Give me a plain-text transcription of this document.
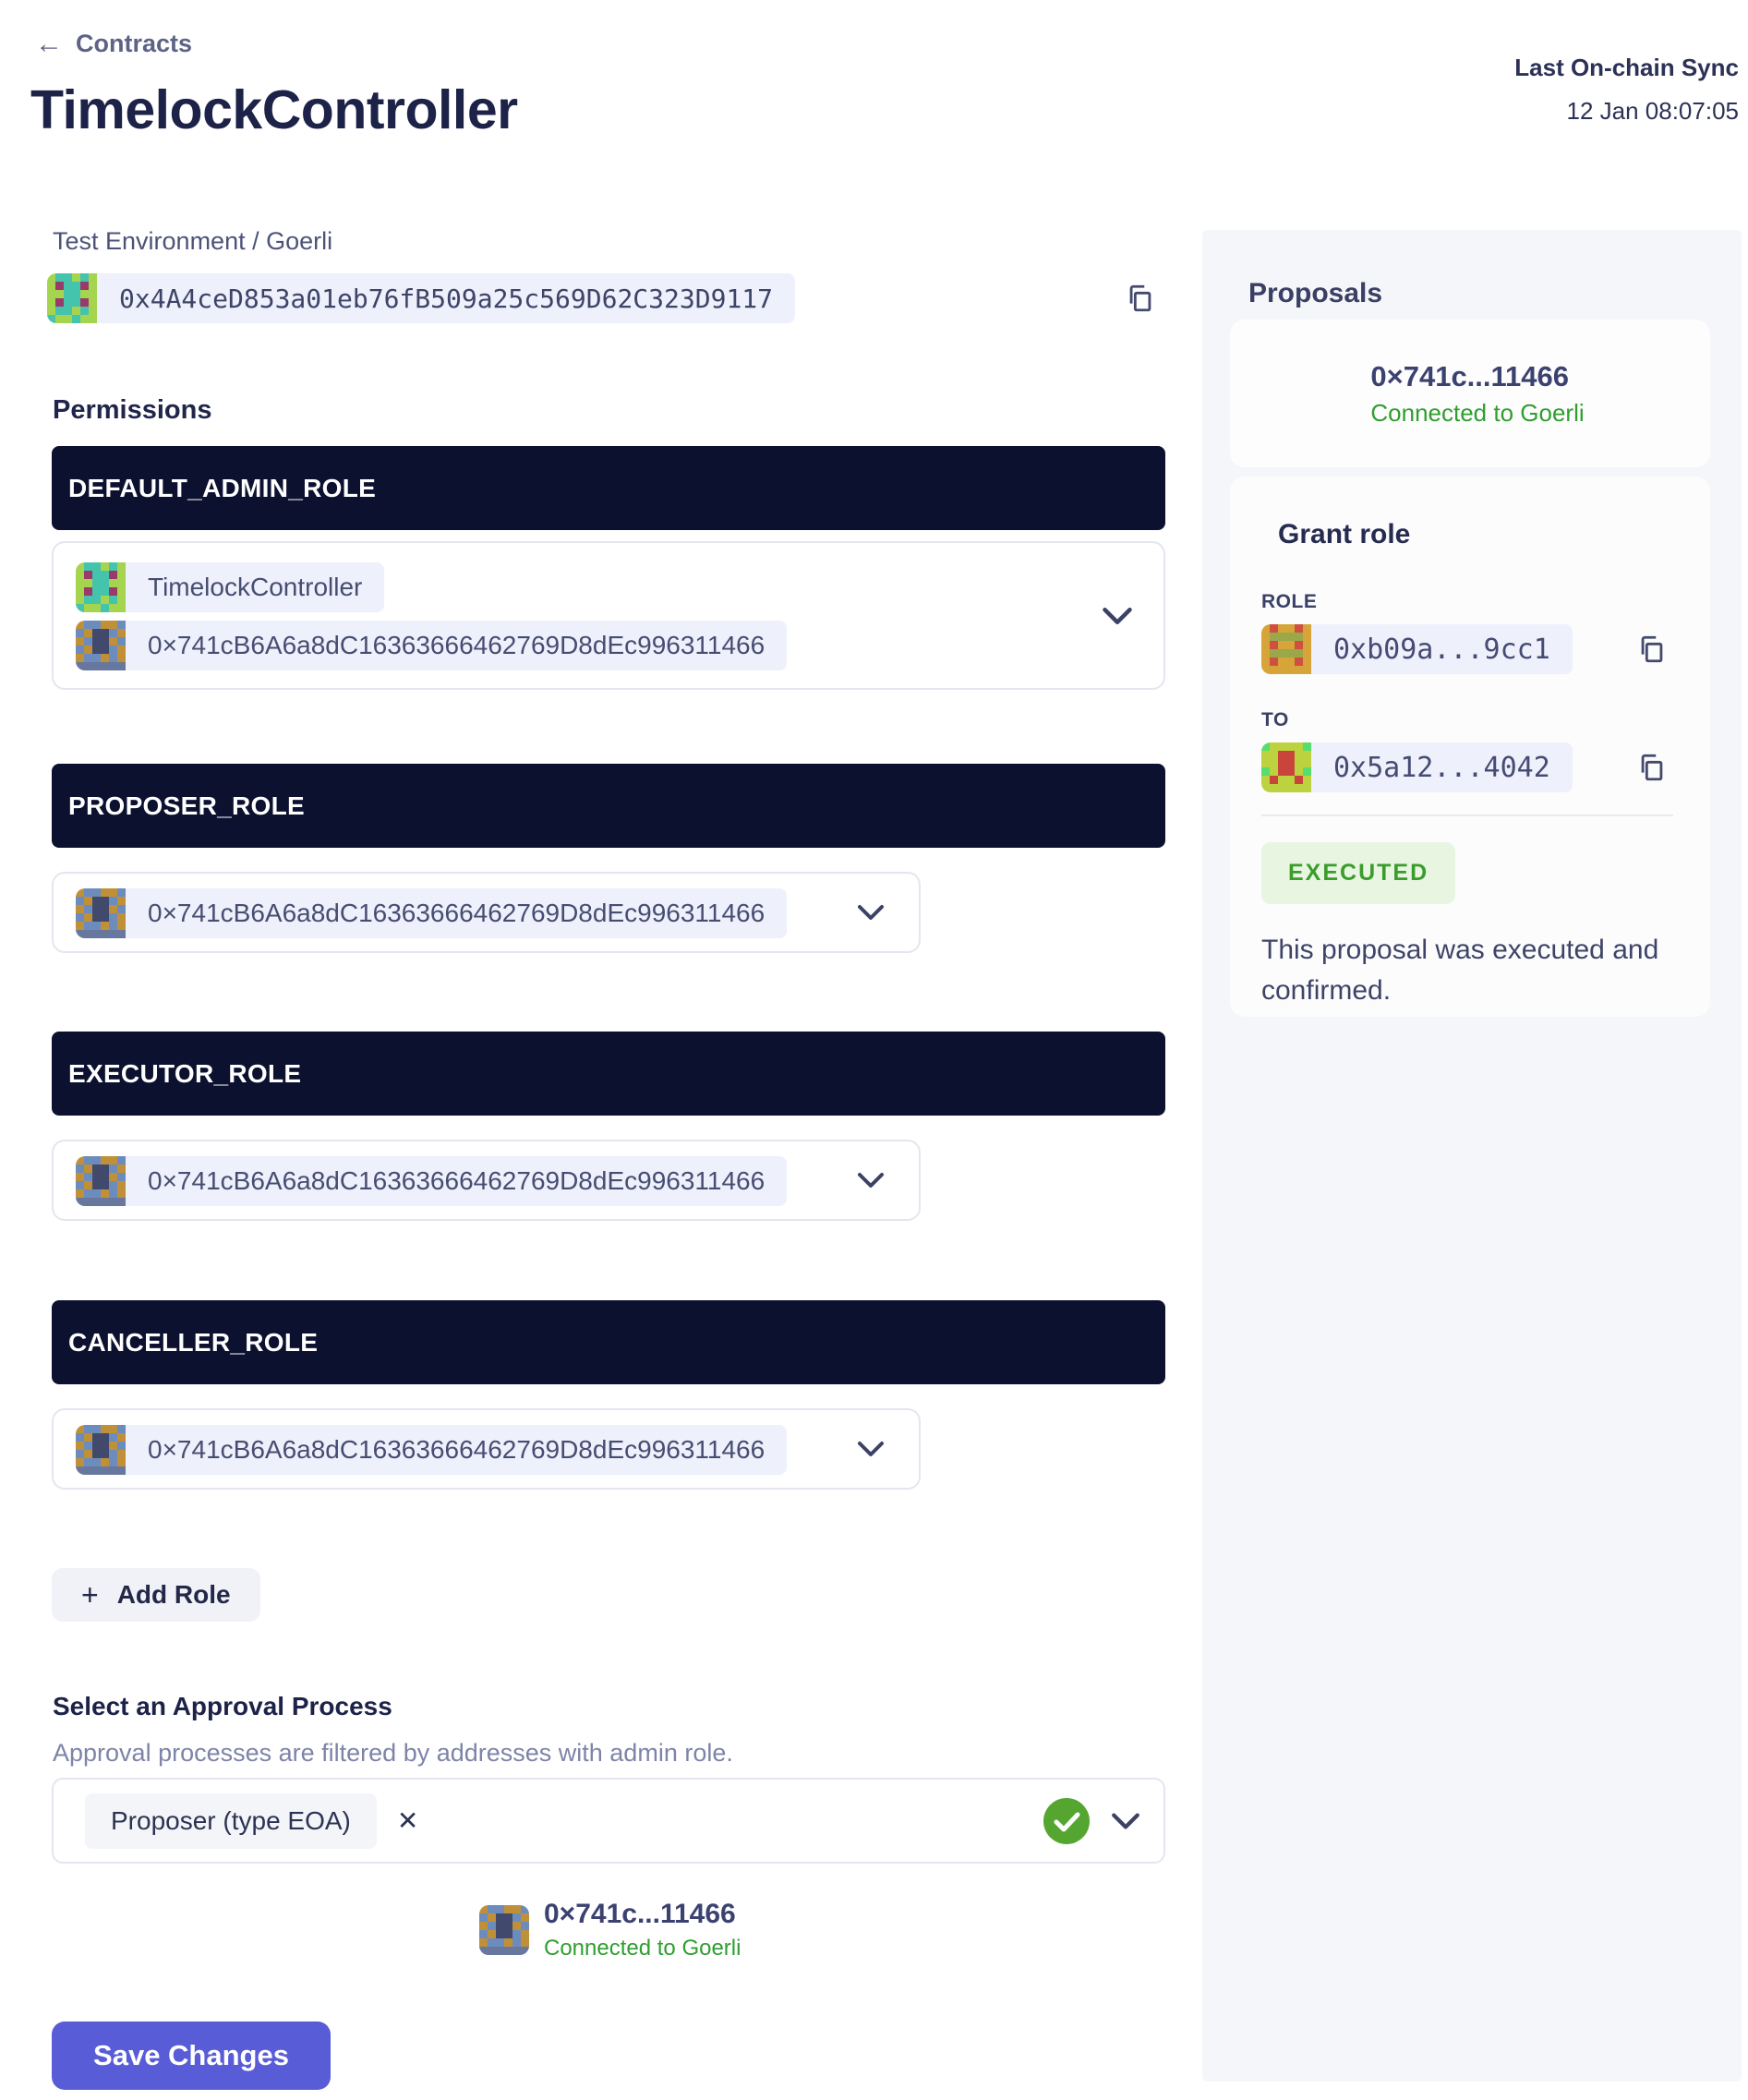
← Contracts
TimelockController
Last On-chain Sync
12 Jan 08:07:05
Test Environment / Goerli
0x4A4ceD853a01eb76fB509a25c569D62C323D9117
Permissions
DEFAULT_ADMIN_ROLE
TimelockController
0×741cB6A6a8dC16363666462769D8dEc996311466
PROPOSER_ROLE
0×741cB6A6a8dC16363666462769D8dEc996311466
EXECUTOR_ROLE
0×741cB6A6a8dC16363666462769D8dEc996311466
CANCELLER_ROLE
0×741cB6A6a8dC16363666462769D8dEc996311466
+ Add Role
Select an Approval Process
Approval processes are filtered by addresses with admin role.
Proposer (type EOA)	✕
0×741c...11466
Connected to Goerli
Save Changes
Proposals
0×741c...11466
Connected to Goerli
Grant role
ROLE
0xb09a...9cc1
TO
0x5a12...4042
EXECUTED
This proposal was executed and confirmed.
